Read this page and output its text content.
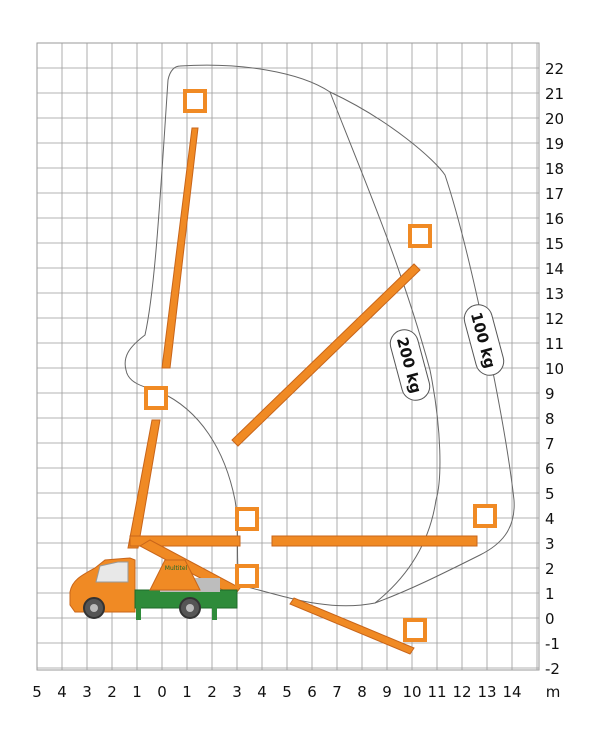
200 kg	100 kg
Multitel
5 4 3 2 1 0 1 2 3 4 5 6 7 8 9 10 11 12 13 14
22
21
20
19
18
17
16
15
14
13
12
11
10
9
8
7
6
5
4
3
2
1
0
-1
-2
m
